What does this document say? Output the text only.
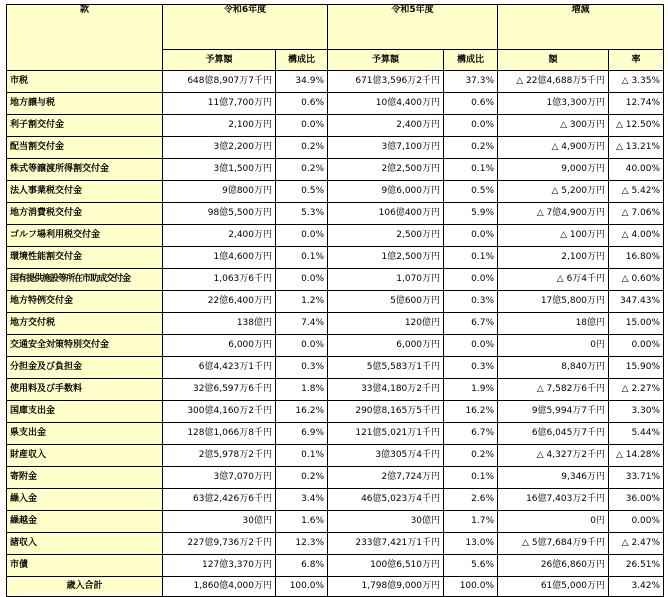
款	令和6年度		令和5年度		増減	
	予算額	構成比	予算額	構成比	額	率
市税	648億8,907万7千円	34.9%	671億3,596万2千円	37.3%	△ 22億4,688万5千円	△ 3.35%
地方譲与税	11億7,700万円	0.6%	10億4,400万円	0.6%	1億3,300万円	12.74%
利子割交付金	2,100万円	0.0%	2,400万円	0.0%	△ 300万円	△ 12.50%
配当割交付金	3億2,200万円	0.2%	3億7,100万円	0.2%	△ 4,900万円	△ 13.21%
株式等譲渡所得割交付金	3億1,500万円	0.2%	2億2,500万円	0.1%	9,000万円	40.00%
法人事業税交付金	9億800万円	0.5%	9億6,000万円	0.5%	△ 5,200万円	△ 5.42%
地方消費税交付金	98億5,500万円	5.3%	106億400万円	5.9%	△ 7億4,900万円	△ 7.06%
ゴルフ場利用税交付金	2,400万円	0.0%	2,500万円	0.0%	△ 100万円	△ 4.00%
環境性能割交付金	1億4,600万円	0.1%	1億2,500万円	0.1%	2,100万円	16.80%
国有提供施設等所在市助成交付金	1,063万6千円	0.0%	1,070万円	0.0%	△ 6万4千円	△ 0.60%
地方特例交付金	22億6,400万円	1.2%	5億600万円	0.3%	17億5,800万円	347.43%
地方交付税	138億円	7.4%	120億円	6.7%	18億円	15.00%
交通安全対策特別交付金	6,000万円	0.0%	6,000万円	0.0%	0円	0.00%
分担金及び負担金	6億4,423万1千円	0.3%	5億5,583万1千円	0.3%	8,840万円	15.90%
使用料及び手数料	32億6,597万6千円	1.8%	33億4,180万2千円	1.9%	△ 7,582万6千円	△ 2.27%
国庫支出金	300億4,160万2千円	16.2%	290億8,165万5千円	16.2%	9億5,994万7千円	3.30%
県支出金	128億1,066万8千円	6.9%	121億5,021万1千円	6.7%	6億6,045万7千円	5.44%
財産収入	2億5,978万2千円	0.1%	3億305万4千円	0.2%	△ 4,327万2千円	△ 14.28%
寄附金	3億7,070万円	0.2%	2億7,724万円	0.1%	9,346万円	33.71%
繰入金	63億2,426万6千円	3.4%	46億5,023万4千円	2.6%	16億7,403万2千円	36.00%
繰越金	30億円	1.6%	30億円	1.7%	0円	0.00%
諸収入	227億9,736万2千円	12.3%	233億7,421万1千円	13.0%	△ 5億7,684万9千円	△ 2.47%
市債	127億3,370万円	6.8%	100億6,510万円	5.6%	26億6,860万円	26.51%
歳入合計	1,860億4,000万円	100.0%	1,798億9,000万円	100.0%	61億5,000万円	3.42%
